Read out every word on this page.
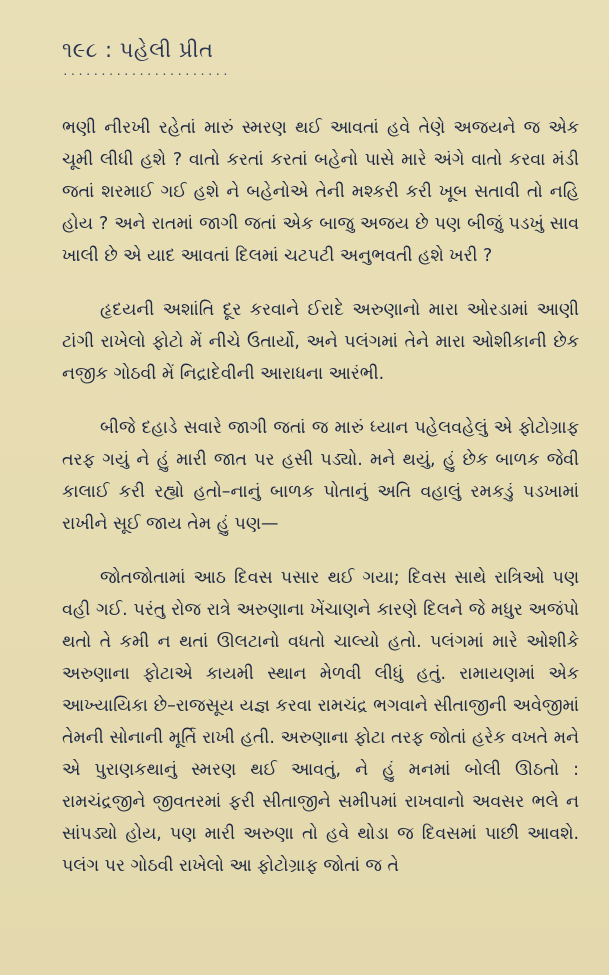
૧૯૮ : પહેલી પ્રીત
......................

ભણી નીરખી રહેતાં મારું સ્મરણ થઈ આવતાં હવે તેણે અજયને જ એક ચૂમી લીધી હશે ? વાતો કરતાં કરતાં બહેનો પાસે મારે અંગે વાતો કરવા મંડી જતાં શરમાઈ ગઈ હશે ને બહેનોએ તેની મશ્કરી કરી ખૂબ સતાવી તો નહિ હોય ? અને રાતમાં જાગી જતાં એક બાજુ અજય છે પણ બીજું પડખું સાવ ખાલી છે એ યાદ આવતાં દિલમાં ચટપટી અનુભવતી હશે ખરી ?

હૃદયની અશાંતિ દૂર કરવાને ઈરાદે અરુણાનો મારા ઓરડામાં આણી ટાંગી રાખેલો ફોટો મેં નીચે ઉતાર્યો, અને પલંગમાં તેને મારા ઓશીકાની છેક નજીક ગોઠવી મેં નિદ્રાદેવીની આરાધના આરંભી.

બીજે દહાડે સવારે જાગી જતાં જ મારું ધ્યાન પહેલવહેલું એ ફોટોગ્રાફ તરફ ગયું ને હું મારી જાત પર હસી પડ્યો. મને થયું, હું છેક બાળક જેવી કાલાઈ કરી રહ્યો હતો–નાનું બાળક પોતાનું અતિ વહાલું રમકડું પડખામાં રાખીને સૂઈ જાય તેમ હું પણ—

જોતજોતામાં આઠ દિવસ પસાર થઈ ગયા; દિવસ સાથે રાત્રિઓ પણ વહી ગઈ. પરંતુ રોજ રાત્રે અરુણાના ખેંચાણને કારણે દિલને જે મધુર અજંપો થતો તે કમી ન થતાં ઊલટાનો વધતો ચાલ્યો હતો. પલંગમાં મારે ઓશીકે અરુણાના ફોટાએ કાયમી સ્થાન મેળવી લીધું હતું. રામાયણમાં એક આખ્યાયિકા છે–રાજસૂય યજ્ઞ કરવા રામચંદ્ર ભગવાને સીતાજીની અવેજીમાં તેમની સોનાની મૂર્તિ રાખી હતી. અરુણાના ફોટા તરફ જોતાં હરેક વખતે મને એ પુરાણકથાનું સ્મરણ થઈ આવતું, ને હું મનમાં બોલી ઊઠતો : રામચંદ્રજીને જીવતરમાં ફરી સીતાજીને સમીપમાં રાખવાનો અવસર ભલે ન સાંપડ્યો હોય, પણ મારી અરુણા તો હવે થોડા જ દિવસમાં પાછી આવશે. પલંગ પર ગોઠવી રાખેલો આ ફોટોગ્રાફ જોતાં જ તે
